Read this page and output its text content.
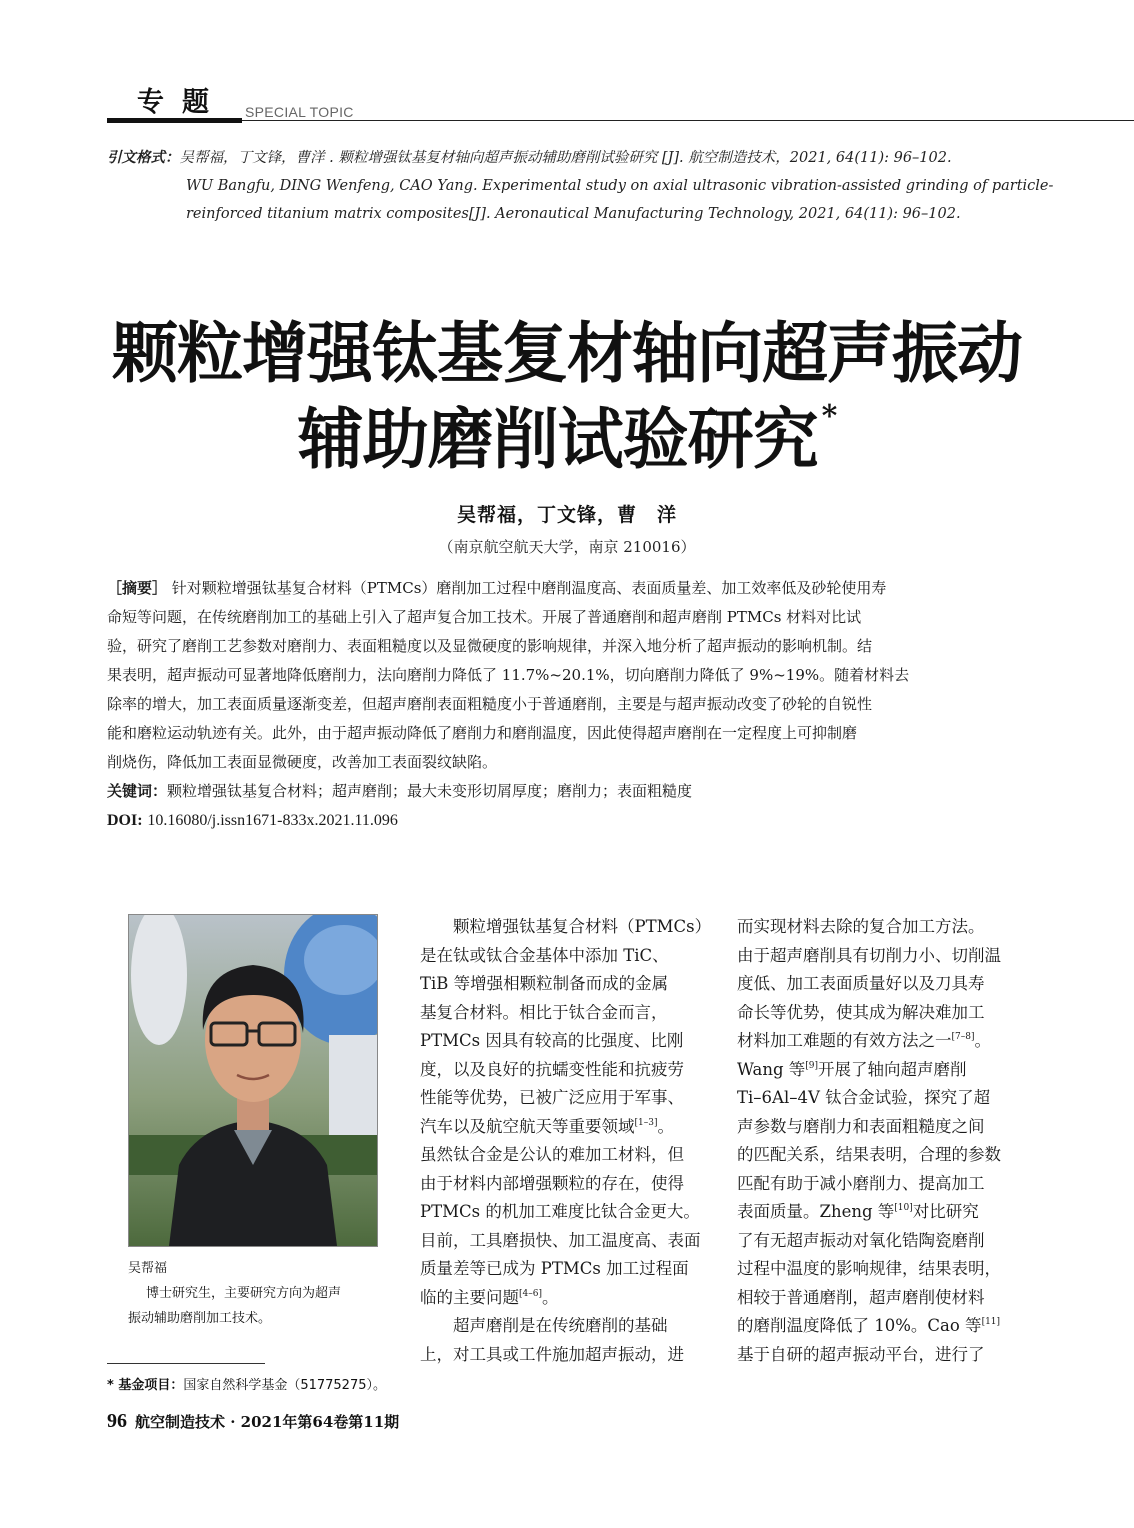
专题 SPECIAL TOPIC
引文格式：吴帮福，丁文锋，曹洋 . 颗粒增强钛基复材轴向超声振动辅助磨削试验研究 [J]. 航空制造技术，2021, 64(11): 96–102.
WU Bangfu, DING Wenfeng, CAO Yang. Experimental study on axial ultrasonic vibration-assisted grinding of particle-
reinforced titanium matrix composites[J]. Aeronautical Manufacturing Technology, 2021, 64(11): 96–102.
颗粒增强钛基复材轴向超声振动
辅助磨削试验研究 *
吴帮福，丁文锋，曹　洋
（南京航空航天大学，南京 210016）
［摘要］ 针对颗粒增强钛基复合材料（PTMCs）磨削加工过程中磨削温度高、表面质量差、加工效率低及砂轮使用寿
命短等问题，在传统磨削加工的基础上引入了超声复合加工技术。开展了普通磨削和超声磨削 PTMCs 材料对比试
验，研究了磨削工艺参数对磨削力、表面粗糙度以及显微硬度的影响规律，并深入地分析了超声振动的影响机制。结
果表明，超声振动可显著地降低磨削力，法向磨削力降低了 11.7%~20.1%，切向磨削力降低了 9%~19%。随着材料去
除率的增大，加工表面质量逐渐变差，但超声磨削表面粗糙度小于普通磨削，主要是与超声振动改变了砂轮的自锐性
能和磨粒运动轨迹有关。此外，由于超声振动降低了磨削力和磨削温度，因此使得超声磨削在一定程度上可抑制磨
削烧伤，降低加工表面显微硬度，改善加工表面裂纹缺陷。
关键词：颗粒增强钛基复合材料；超声磨削；最大未变形切屑厚度；磨削力；表面粗糙度
DOI: 10.16080/j.issn1671-833x.2021.11.096
吴帮福
博士研究生，主要研究方向为超声
振动辅助磨削加工技术。
　　颗粒增强钛基复合材料（PTMCs）
是在钛或钛合金基体中添加 TiC、
TiB 等增强相颗粒制备而成的金属
基复合材料。相比于钛合金而言，
PTMCs 因具有较高的比强度、比刚
度，以及良好的抗蠕变性能和抗疲劳
性能等优势，已被广泛应用于军事、
汽车以及航空航天等重要领域[1–3]。
虽然钛合金是公认的难加工材料，但
由于材料内部增强颗粒的存在，使得
PTMCs 的机加工难度比钛合金更大。
目前，工具磨损快、加工温度高、表面
质量差等已成为 PTMCs 加工过程面
临的主要问题[4–6]。
　　超声磨削是在传统磨削的基础
上，对工具或工件施加超声振动，进
而实现材料去除的复合加工方法。
由于超声磨削具有切削力小、切削温
度低、加工表面质量好以及刀具寿
命长等优势，使其成为解决难加工
材料加工难题的有效方法之一[7–8]。
Wang 等[9]开展了轴向超声磨削
Ti–6Al–4V 钛合金试验，探究了超
声参数与磨削力和表面粗糙度之间
的匹配关系，结果表明，合理的参数
匹配有助于减小磨削力、提高加工
表面质量。Zheng 等[10]对比研究
了有无超声振动对氧化锆陶瓷磨削
过程中温度的影响规律，结果表明，
相较于普通磨削，超声磨削使材料
的磨削温度降低了 10%。Cao 等[11]
基于自研的超声振动平台，进行了
* 基金项目：国家自然科学基金（51775275）。
96 航空制造技术 · 2021年第64卷第11期
